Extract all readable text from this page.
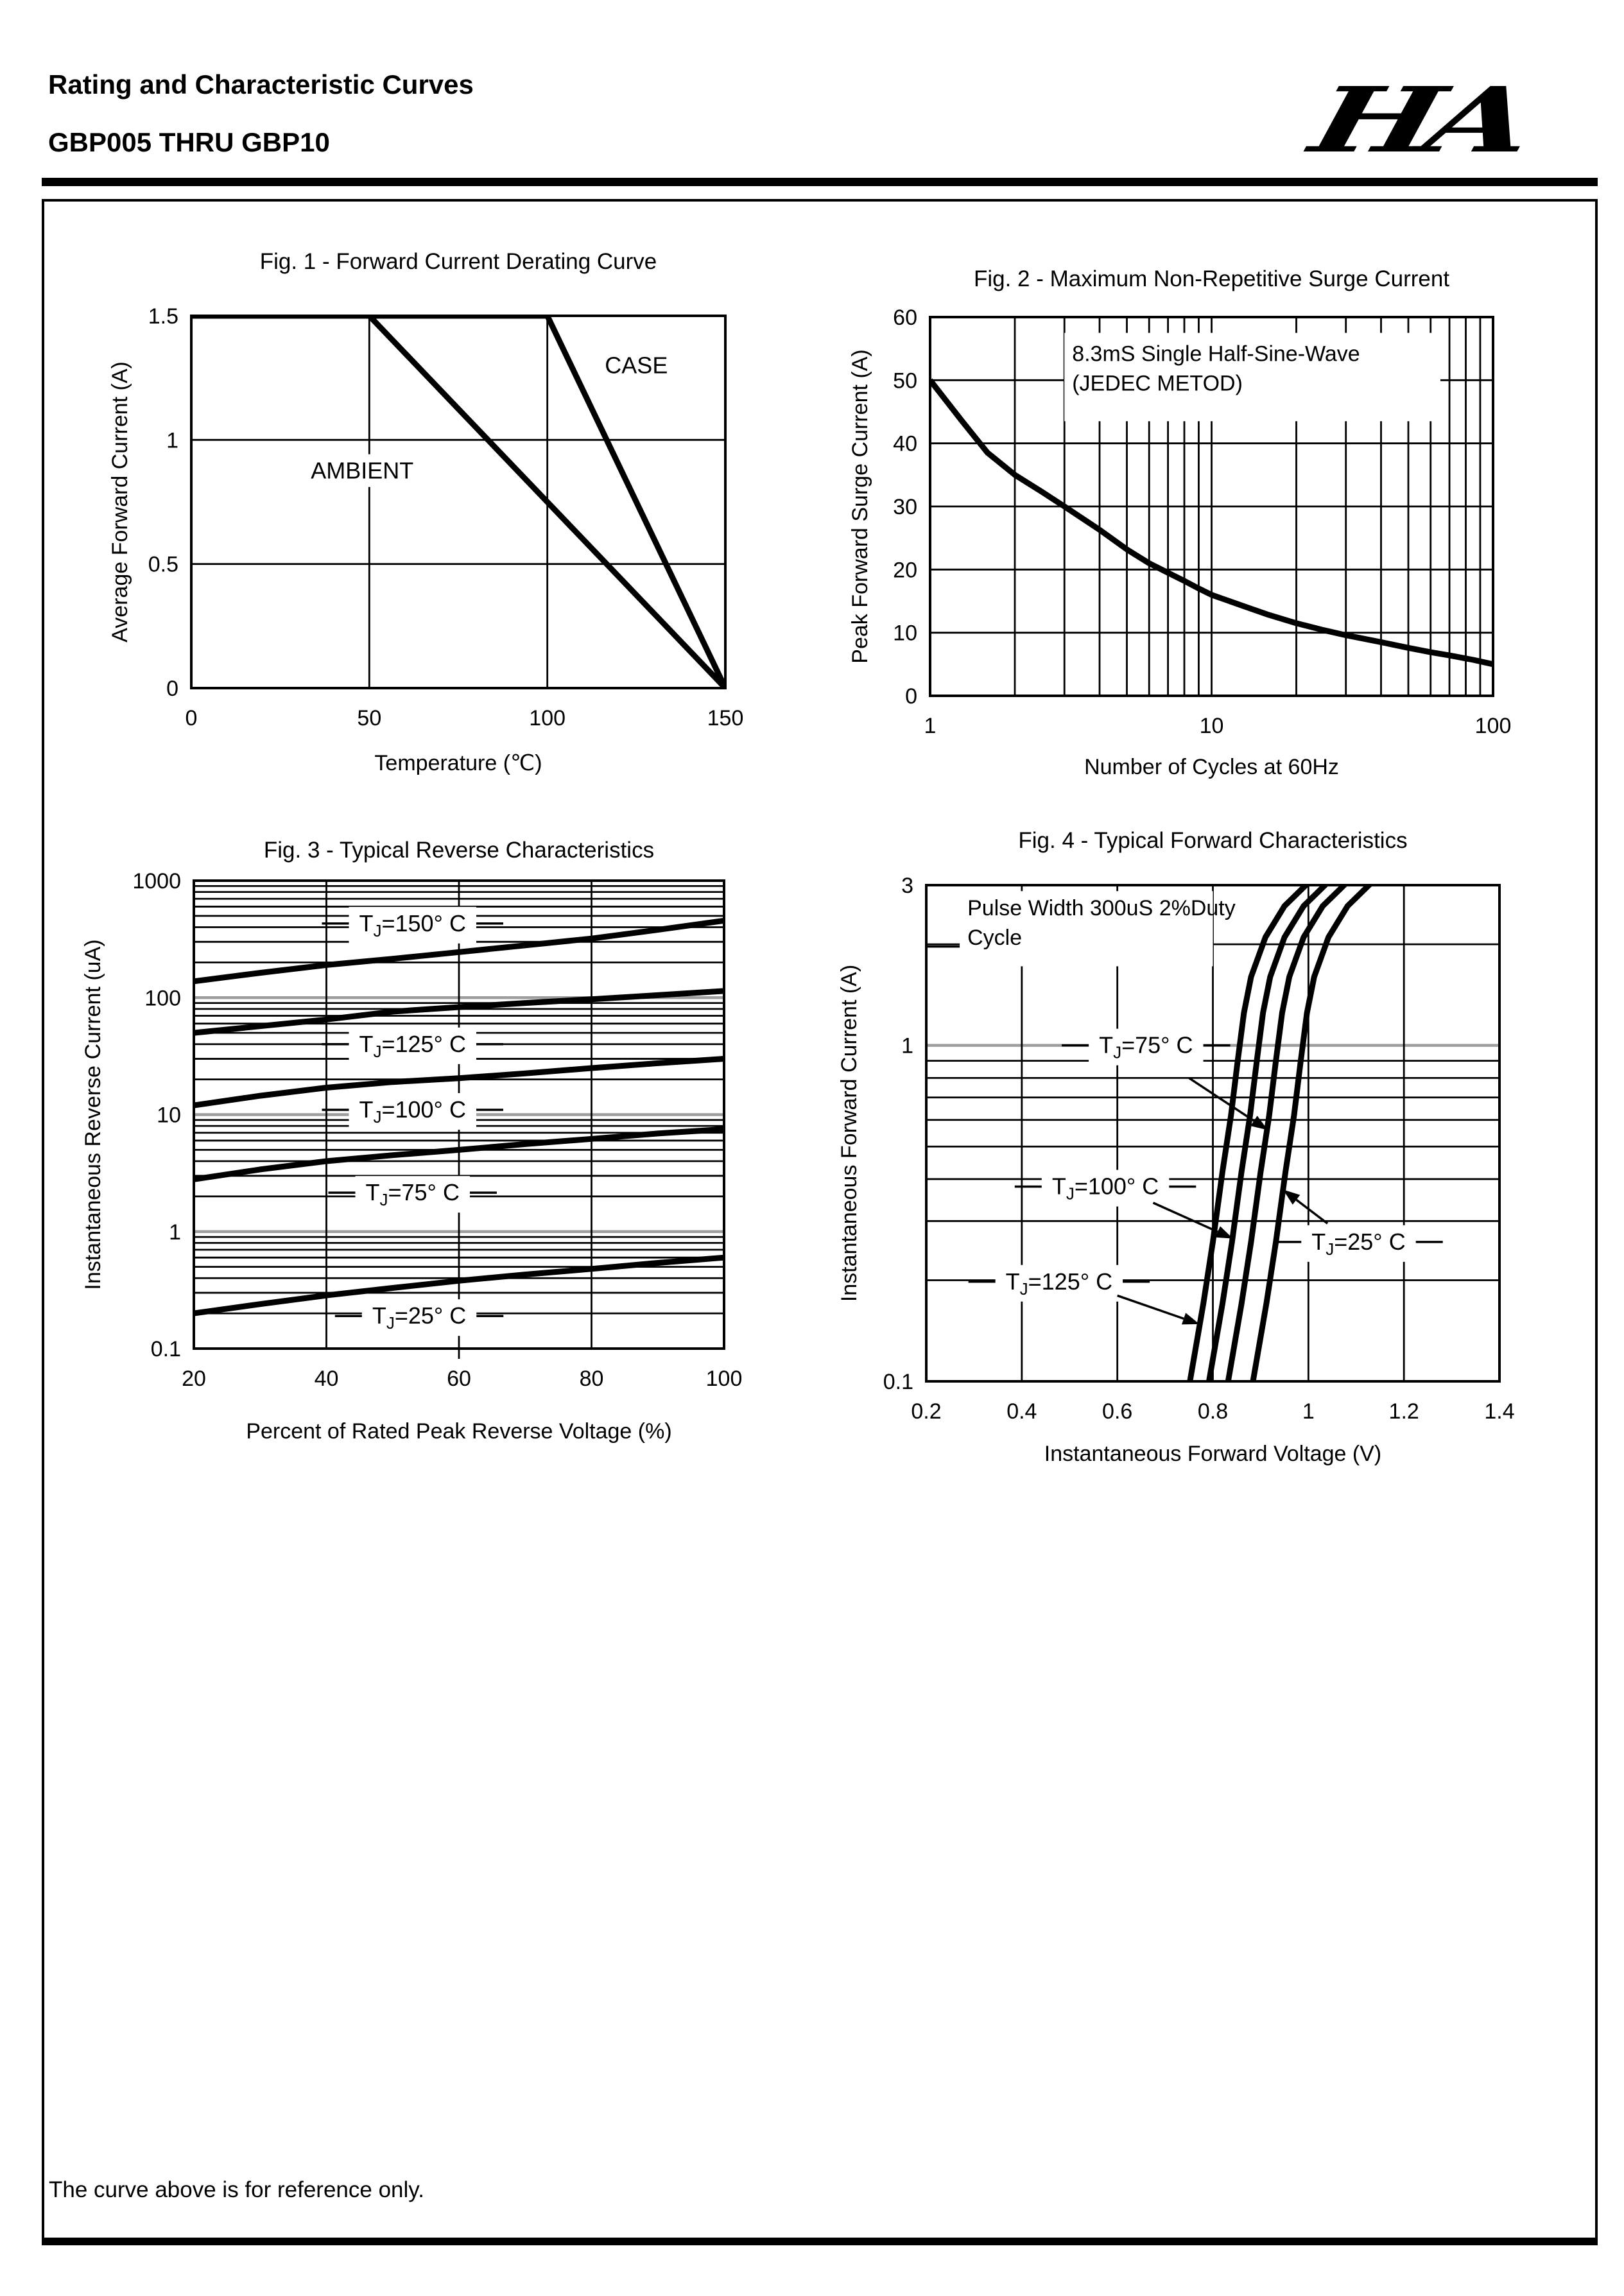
Rating and Characteristic Curves
GBP005 THRU GBP10	HA
Fig. 1 - Forward Current Derating Curve
CASE
AMBIENT
0	50	100	150
0
0.5
1
1.5
Temperature (℃)
Average Forward Current (A)
Fig. 2 - Maximum Non-Repetitive Surge Current
8.3mS Single Half-Sine-Wave
(JEDEC METOD)
1	10	100
0
10
20
30
40
50
60
Number of Cycles at 60Hz
Peak Forward Surge Current (A)
Fig. 3 - Typical Reverse Characteristics
$T_J=150^\circ$ C
$T_J=125^\circ$ C
$T_J=100^\circ$ C
$T_J=75^\circ$ C
$T_J=25^\circ$ C
20	40	60	80	100
0.1
1
10
100
1000
Percent of Rated Peak Reverse Voltage (%)
Instantaneous Reverse Current (uA)
Fig. 4 - Typical Forward Characteristics
Pulse Width 300uS 2%Duty
Cycle
$T_J=75^\circ$ C
$T_J=100^\circ$ C
$T_J=25^\circ$ C
$T_J=125^\circ$ C
0.2	0.4	0.6	0.8	1	1.2	1.4
0.1
1
3
Instantaneous Forward Voltage (V)
Instantaneous Forward Current (A)
The curve above is for reference only.
